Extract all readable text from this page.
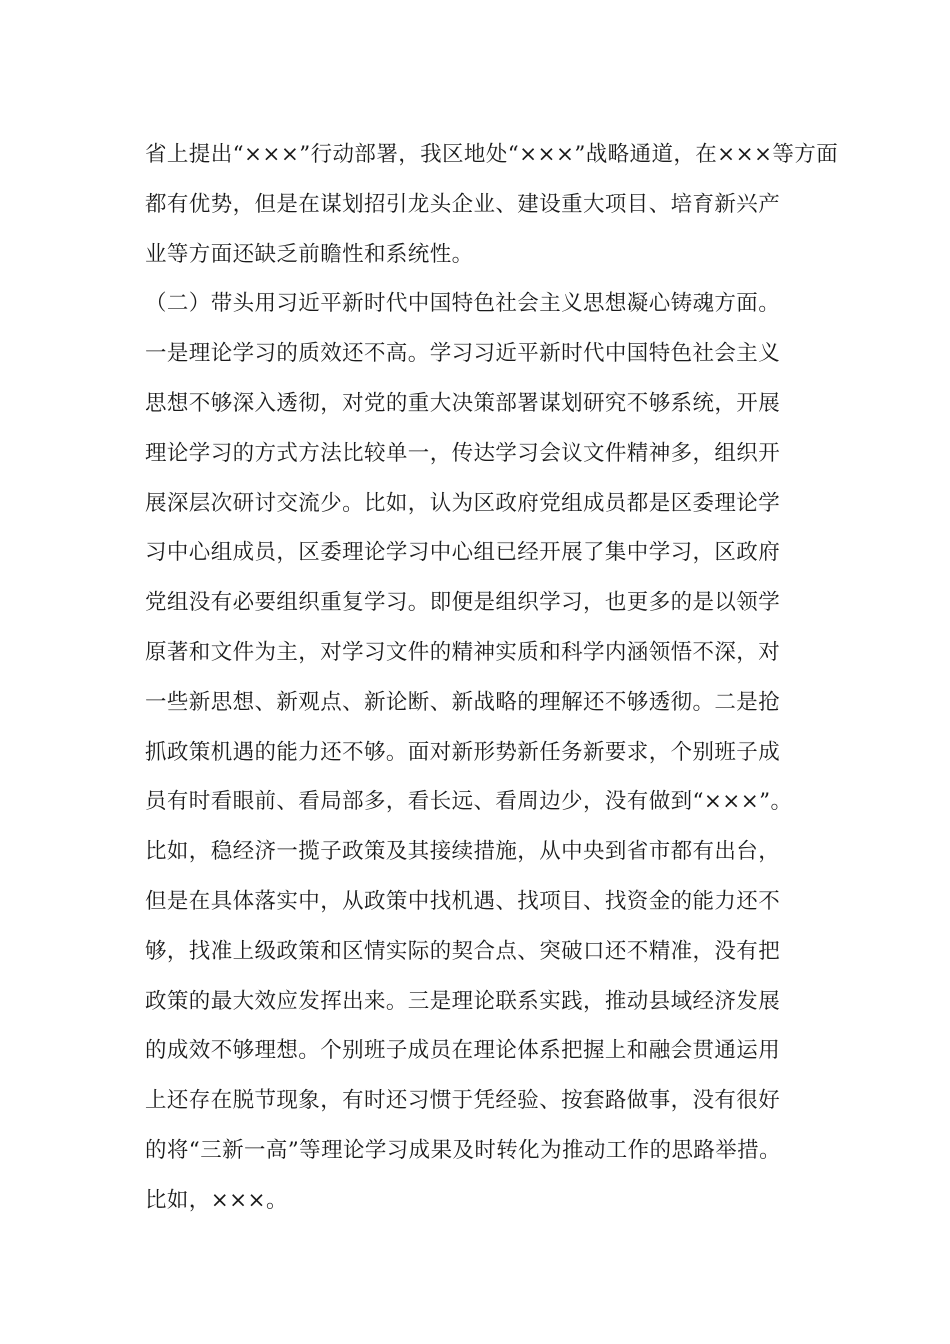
省上提出“×××”行动部署，我区地处“×××”战略通道，在×××等方面
都有优势，但是在谋划招引龙头企业、建设重大项目、培育新兴产
业等方面还缺乏前瞻性和系统性。
（二）带头用习近平新时代中国特色社会主义思想凝心铸魂方面。
一是理论学习的质效还不高。学习习近平新时代中国特色社会主义
思想不够深入透彻，对党的重大决策部署谋划研究不够系统，开展
理论学习的方式方法比较单一，传达学习会议文件精神多，组织开
展深层次研讨交流少。比如，认为区政府党组成员都是区委理论学
习中心组成员，区委理论学习中心组已经开展了集中学习，区政府
党组没有必要组织重复学习。即便是组织学习，也更多的是以领学
原著和文件为主，对学习文件的精神实质和科学内涵领悟不深，对
一些新思想、新观点、新论断、新战略的理解还不够透彻。二是抢
抓政策机遇的能力还不够。面对新形势新任务新要求，个别班子成
员有时看眼前、看局部多，看长远、看周边少，没有做到“×××”。
比如，稳经济一揽子政策及其接续措施，从中央到省市都有出台，
但是在具体落实中，从政策中找机遇、找项目、找资金的能力还不
够，找准上级政策和区情实际的契合点、突破口还不精准，没有把
政策的最大效应发挥出来。三是理论联系实践，推动县域经济发展
的成效不够理想。个别班子成员在理论体系把握上和融会贯通运用
上还存在脱节现象，有时还习惯于凭经验、按套路做事，没有很好
的将“三新一高”等理论学习成果及时转化为推动工作的思路举措。
比如，×××。
